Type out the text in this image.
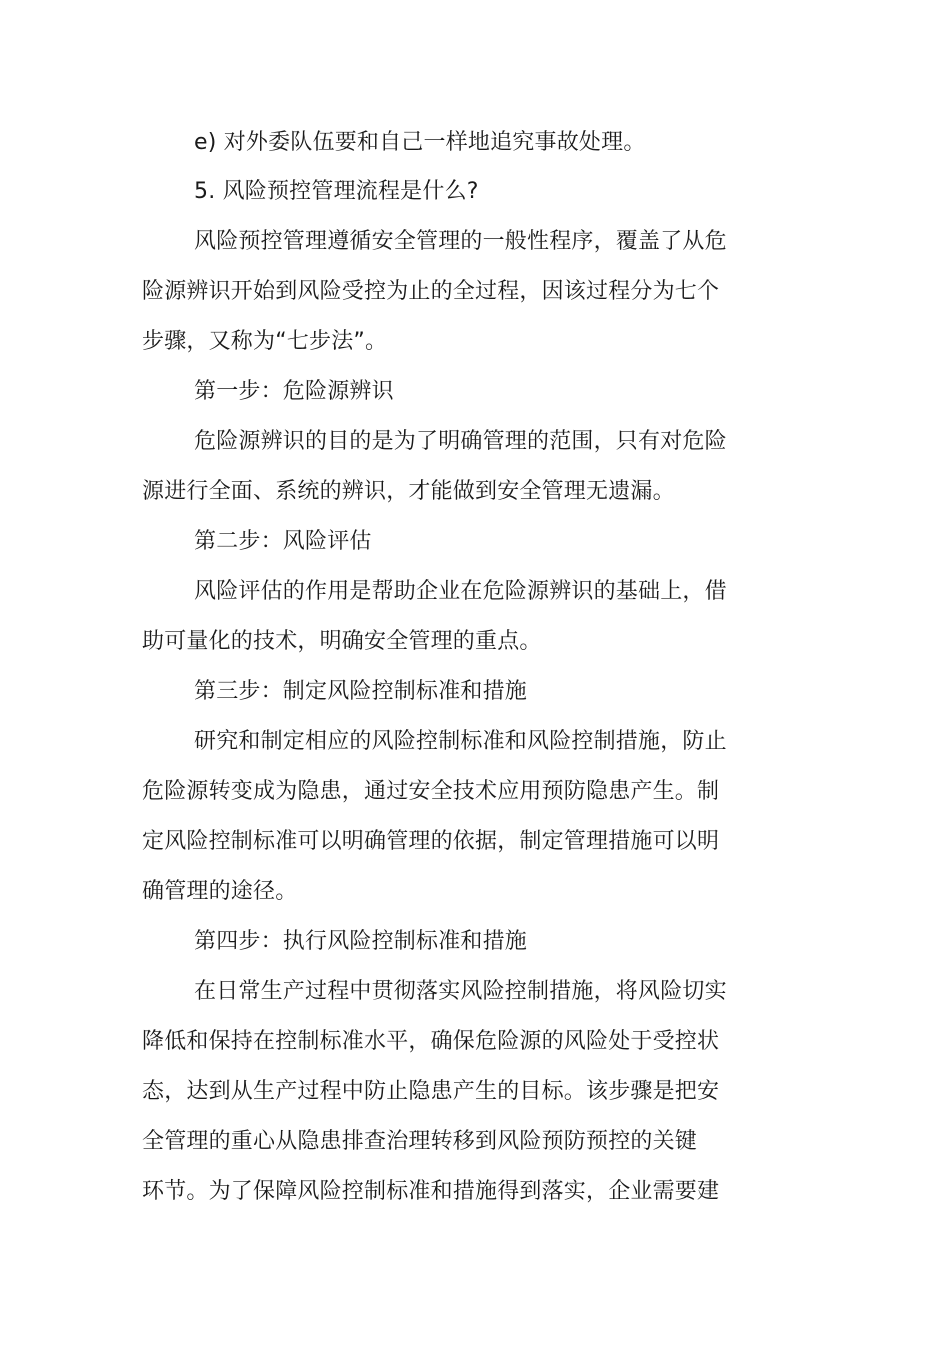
e) 对外委队伍要和自己一样地追究事故处理。
5. 风险预控管理流程是什么?
风险预控管理遵循安全管理的一般性程序，覆盖了从危
险源辨识开始到风险受控为止的全过程，因该过程分为七个
步骤，又称为“七步法”。
第一步：危险源辨识
危险源辨识的目的是为了明确管理的范围，只有对危险
源进行全面、系统的辨识，才能做到安全管理无遗漏。
第二步：风险评估
风险评估的作用是帮助企业在危险源辨识的基础上，借
助可量化的技术，明确安全管理的重点。
第三步：制定风险控制标准和措施
研究和制定相应的风险控制标准和风险控制措施，防止
危险源转变成为隐患，通过安全技术应用预防隐患产生。制
定风险控制标准可以明确管理的依据，制定管理措施可以明
确管理的途径。
第四步：执行风险控制标准和措施
在日常生产过程中贯彻落实风险控制措施，将风险切实
降低和保持在控制标准水平，确保危险源的风险处于受控状
态，达到从生产过程中防止隐患产生的目标。该步骤是把安
全管理的重心从隐患排查治理转移到风险预防预控的关键
环节。为了保障风险控制标准和措施得到落实，企业需要建
